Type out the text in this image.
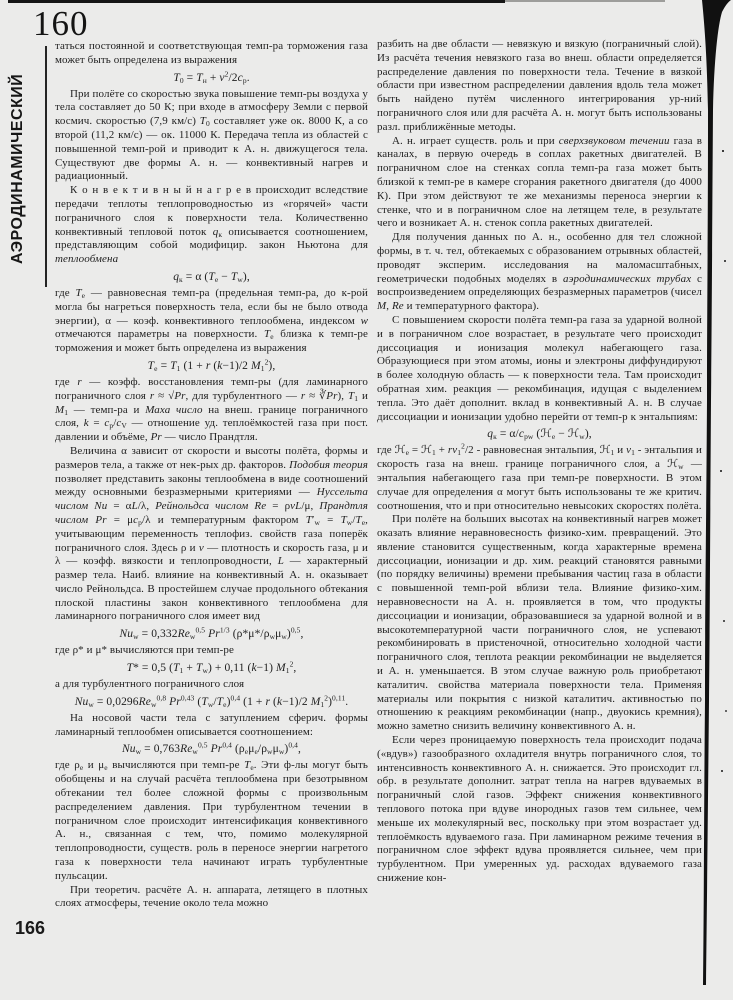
160
АЭРОДИНАМИЧЕСКИЙ
166

таться постоянной и соответствующая темп-ра торможения газа может быть определена из выражения

T0 = Tн + $v^2/2cp$.

При полёте со скоростью звука повышение темп-ры воздуха у тела составляет до 50 К; при входе в атмосферу Земли с первой космич. скоростью (7,9 км/с) T0 составляет уже ок. 8000 К, а со второй (11,2 км/с) — ок. 11000 К. Передача тепла из областей с повышенной темп-рой и приводит к А. н. движущегося тела. Существуют две формы А. н. — конвективный нагрев и радиационный.

К о н в е к т и в н ы й н а г р е в происходит вследствие передачи теплоты теплопроводностью из «горячей» части пограничного слоя к поверхности тела. Количественно конвективный тепловой поток qк описывается соотношением, представляющим собой модифицир. закон Ньютона для теплообмена

qк = α (Te − Tw),

где Te — равновесная темп-ра (предельная темп-ра, до к-рой могла бы нагреться поверхность тела, если бы не было отвода энергии), α — коэф. конвективного теплообмена, индексом w отмечаются параметры на поверхности. Te близка к темп-ре торможения и может быть определена из выражения

Te = T1 (1 + r (k−1)/2 $M1^2$),

где r — коэфф. восстановления темп-ры (для ламинарного пограничного слоя r ≈ √Pr, для турбулентного — r ≈ ∛Pr), T1 и M1 — темп-ра и Маха число на внеш. границе пограничного слоя, k = cp/cV — отношение уд. теплоёмкостей газа при пост. давлении и объёме, Pr — число Прандтля.

Величина α зависит от скорости и высоты полёта, формы и размеров тела, а также от нек-рых др. факторов. Подобия теория позволяет представить законы теплообмена в виде соотношений между основными безразмерными критериями — Нуссельта числом Nu = αL/λ, Рейнольдса числом Re = ρvL/μ, Прандтля числом Pr = μcp/λ и температурным фактором T′w = Tw/Te, учитывающим переменность теплофиз. свойств газа поперёк пограничного слоя. Здесь ρ и v — плотность и скорость газа, μ и λ — коэфф. вязкости и теплопроводности, L — характерный размер тела. Наиб. влияние на конвективный А. н. оказывает число Рейнольдса. В простейшем случае продольного обтекания плоской пластины закон конвективного теплообмена для ламинарного пограничного слоя имеет вид

Nuw = 0,332Rew$^{0,5}$ $Pr^{1/3}$ $(\rho*\mu*/\rho w\mu w)^{0,5}$,

где ρ* и μ* вычисляются при темп-ре

T* = 0,5 (T1 + Tw) + 0,11 (k−1) $M1^2$,

а для турбулентного пограничного слоя

Nuw = 0,0296Rew$^{0,8}$ Pr$^{0,43}$ $(Tw/Te)^{0,4}$ (1 + r (k−1)/2 $M1^2)^{0,11}$.

На носовой части тела с затуплением сферич. формы ламинарный теплообмен описывается соотношением:

Nuw = 0,763Rew$^{0,5}$ Pr$^{0,4}$ $(\rho e\mu e/\rho w\mu w)^{0,4}$,

где ρe и μe вычисляются при темп-ре Te. Эти ф-лы могут быть обобщены и на случай расчёта теплообмена при безотрывном обтекании тел более сложной формы с произвольным распределением давления. При турбулентном течении в пограничном слое происходит интенсификация конвективного А. н., связанная с тем, что, помимо молекулярной теплопроводности, существ. роль в переносе энергии нагретого газа к поверхности тела начинают играть турбулентные пульсации.

При теоретич. расчёте А. н. аппарата, летящего в плотных слоях атмосферы, течение около тела можно

разбить на две области — невязкую и вязкую (пограничный слой). Из расчёта течения невязкого газа во внеш. области определяется распределение давления по поверхности тела. Течение в вязкой области при известном распределении давления вдоль тела может быть найдено путём численного интегрирования ур-ний пограничного слоя или для расчёта А. н. могут быть использованы разл. приближённые методы.

А. н. играет существ. роль и при сверхзвуковом течении газа в каналах, в первую очередь в соплах ракетных двигателей. В пограничном слое на стенках сопла темп-ра газа может быть близкой к темп-ре в камере сгорания ракетного двигателя (до 4000 К). При этом действуют те же механизмы переноса энергии к стенке, что и в пограничном слое на летящем теле, в результате чего и возникает А. н. стенок сопла ракетных двигателей.

Для получения данных по А. н., особенно для тел сложной формы, в т. ч. тел, обтекаемых с образованием отрывных областей, проводят эксперим. исследования на маломасштабных, геометрически подобных моделях в аэродинамических трубах с воспроизведением определяющих безразмерных параметров (чисел M, Re и температурного фактора).

С повышением скорости полёта темп-ра газа за ударной волной и в пограничном слое возрастает, в результате чего происходит диссоциация и ионизация молекул набегающего газа. Образующиеся при этом атомы, ионы и электроны диффундируют в более холодную область — к поверхности тела. Там происходит обратная хим. реакция — рекомбинация, идущая с выделением тепла. Это даёт дополнит. вклад в конвективный А. н. В случае диссоциации и ионизации удобно перейти от темп-р к энтальпиям:

qк = α/cpw (ℋe − ℋw),

где ℋe = ℋ1 + $rv1^2/2$ - равновесная энтальпия, ℋ1 и v1 - энтальпия и скорость газа на внеш. границе пограничного слоя, а ℋw — энтальпия набегающего газа при темп-ре поверхности. В этом случае для определения α могут быть использованы те же критич. соотношения, что и при относительно невысоких скоростях полёта.

При полёте на больших высотах на конвективный нагрев может оказать влияние неравновесность физико-хим. превращений. Это явление становится существенным, когда характерные времена диссоциации, ионизации и др. хим. реакций становятся равными (по порядку величины) времени пребывания частиц газа в области с повышенной темп-рой вблизи тела. Влияние физико-хим. неравновесности на А. н. проявляется в том, что продукты диссоциации и ионизации, образовавшиеся за ударной волной и в высокотемпературной части пограничного слоя, не успевают рекомбинировать в пристеночной, относительно холодной части пограничного слоя, теплота реакции рекомбинации не выделяется и А. н. уменьшается. В этом случае важную роль приобретают каталитич. свойства материала поверхности тела. Применяя материалы или покрытия с низкой каталитич. активностью по отношению к реакциям рекомбинации (напр., двуокись кремния), можно заметно снизить величину конвективного А. н.

Если через проницаемую поверхность тела происходит подача («вдув») газообразного охладителя внутрь пограничного слоя, то интенсивность конвективного А. н. снижается. Это происходит гл. обр. в результате дополнит. затрат тепла на нагрев вдуваемых в пограничный слой газов. Эффект снижения конвективного теплового потока при вдуве инородных газов тем сильнее, чем меньше их молекулярный вес, поскольку при этом возрастает уд. теплоёмкость вдуваемого газа. При ламинарном режиме течения в пограничном слое эффект вдува проявляется сильнее, чем при турбулентном. При умеренных уд. расходах вдуваемого газа снижение кон-
